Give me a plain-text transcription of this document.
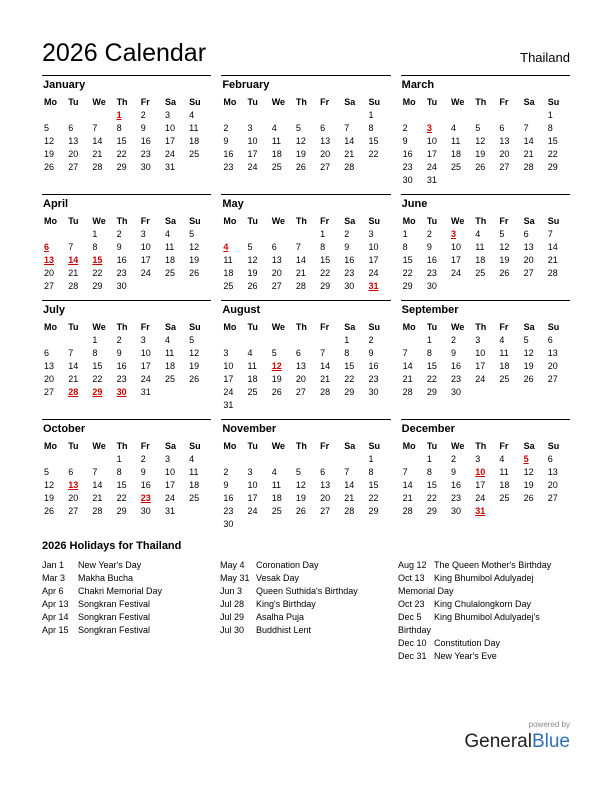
2026 Calendar	Thailand
January
Mo	Tu	We	Th	Fr	Sa	Su
			1	2	3	4
5	6	7	8	9	10	11
12	13	14	15	16	17	18
19	20	21	22	23	24	25
26	27	28	29	30	31	
February
Mo	Tu	We	Th	Fr	Sa	Su
						1
2	3	4	5	6	7	8
9	10	11	12	13	14	15
16	17	18	19	20	21	22
23	24	25	26	27	28	
March
Mo	Tu	We	Th	Fr	Sa	Su
						1
2	3	4	5	6	7	8
9	10	11	12	13	14	15
16	17	18	19	20	21	22
23	24	25	26	27	28	29
30	31					
April
Mo	Tu	We	Th	Fr	Sa	Su
		1	2	3	4	5
6	7	8	9	10	11	12
13	14	15	16	17	18	19
20	21	22	23	24	25	26
27	28	29	30			
May
Mo	Tu	We	Th	Fr	Sa	Su
				1	2	3
4	5	6	7	8	9	10
11	12	13	14	15	16	17
18	19	20	21	22	23	24
25	26	27	28	29	30	31
June
Mo	Tu	We	Th	Fr	Sa	Su
1	2	3	4	5	6	7
8	9	10	11	12	13	14
15	16	17	18	19	20	21
22	23	24	25	26	27	28
29	30					
July
Mo	Tu	We	Th	Fr	Sa	Su
		1	2	3	4	5
6	7	8	9	10	11	12
13	14	15	16	17	18	19
20	21	22	23	24	25	26
27	28	29	30	31		
August
Mo	Tu	We	Th	Fr	Sa	Su
					1	2
3	4	5	6	7	8	9
10	11	12	13	14	15	16
17	18	19	20	21	22	23
24	25	26	27	28	29	30
31						
September
Mo	Tu	We	Th	Fr	Sa	Su
	1	2	3	4	5	6
7	8	9	10	11	12	13
14	15	16	17	18	19	20
21	22	23	24	25	26	27
28	29	30				
October
Mo	Tu	We	Th	Fr	Sa	Su
			1	2	3	4
5	6	7	8	9	10	11
12	13	14	15	16	17	18
19	20	21	22	23	24	25
26	27	28	29	30	31	
November
Mo	Tu	We	Th	Fr	Sa	Su
						1
2	3	4	5	6	7	8
9	10	11	12	13	14	15
16	17	18	19	20	21	22
23	24	25	26	27	28	29
30						
December
Mo	Tu	We	Th	Fr	Sa	Su
	1	2	3	4	5	6
7	8	9	10	11	12	13
14	15	16	17	18	19	20
21	22	23	24	25	26	27
28	29	30	31			
2026 Holidays for Thailand
Jan 1 New Year's Day
Mar 3 Makha Bucha
Apr 6 Chakri Memorial Day
Apr 13 Songkran Festival
Apr 14 Songkran Festival
Apr 15 Songkran Festival
May 4 Coronation Day
May 31 Vesak Day
Jun 3 Queen Suthida's Birthday
Jul 28 King's Birthday
Jul 29 Asalha Puja
Jul 30 Buddhist Lent
Aug 12 The Queen Mother's Birthday
Oct 13 King Bhumibol Adulyadej Memorial Day
Oct 23 King Chulalongkorn Day
Dec 5 King Bhumibol Adulyadej's Birthday
Dec 10 Constitution Day
Dec 31 New Year's Eve
powered by
GeneralBlue
